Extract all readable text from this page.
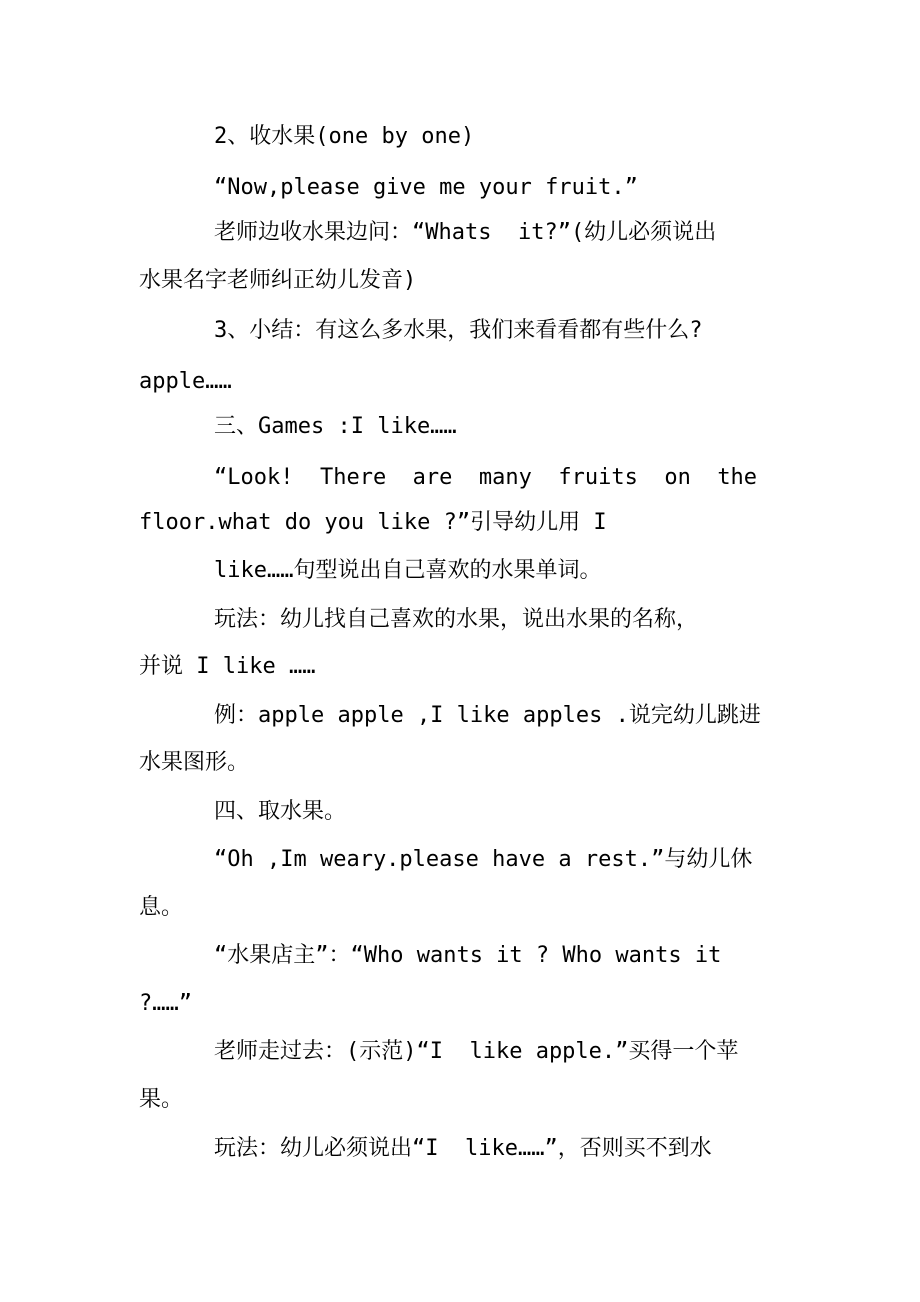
2、收水果(one by one)
“Now,please give me your fruit.”
老师边收水果边问：“Whats  it?”(幼儿必须说出
水果名字老师纠正幼儿发音)
3、小结：有这么多水果，我们来看看都有些什么?
apple……
三、Games :I like……
“Look!  There  are  many  fruits  on  the
floor.what do you like ?”引导幼儿用 I
like……句型说出自己喜欢的水果单词。
玩法：幼儿找自己喜欢的水果，说出水果的名称，
并说 I like ……
例：apple apple ,I like apples .说完幼儿跳进
水果图形。
四、取水果。
“Oh ,Im weary.please have a rest.”与幼儿休
息。
“水果店主”：“Who wants it ? Who wants it
?……”
老师走过去：(示范)“I  like apple.”买得一个苹
果。
玩法：幼儿必须说出“I  like……”，否则买不到水
